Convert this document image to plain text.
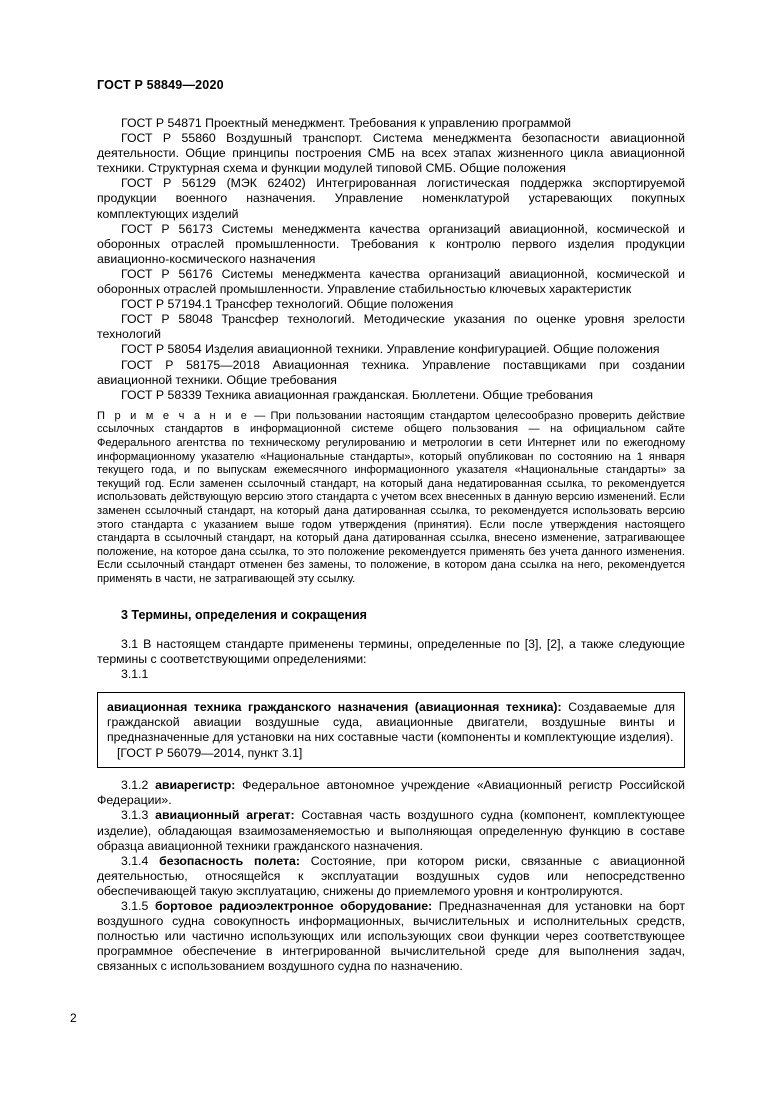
ГОСТ Р 58849—2020

ГОСТ Р 54871 Проектный менеджмент. Требования к управлению программой

ГОСТ Р 55860 Воздушный транспорт. Система менеджмента безопасности авиационной деятельности. Общие принципы построения СМБ на всех этапах жизненного цикла авиационной техники. Структурная схема и функции модулей типовой СМБ. Общие положения

ГОСТ Р 56129 (МЭК 62402) Интегрированная логистическая поддержка экспортируемой продукции военного назначения. Управление номенклатурой устаревающих покупных комплектующих изделий

ГОСТ Р 56173 Системы менеджмента качества организаций авиационной, космической и оборонных отраслей промышленности. Требования к контролю первого изделия продукции авиационно-космического назначения

ГОСТ Р 56176 Системы менеджмента качества организаций авиационной, космической и оборонных отраслей промышленности. Управление стабильностью ключевых характеристик

ГОСТ Р 57194.1 Трансфер технологий. Общие положения

ГОСТ Р 58048 Трансфер технологий. Методические указания по оценке уровня зрелости технологий

ГОСТ Р 58054 Изделия авиационной техники. Управление конфигурацией. Общие положения

ГОСТ Р 58175—2018 Авиационная техника. Управление поставщиками при создании авиационной техники. Общие требования

ГОСТ Р 58339 Техника авиационная гражданская. Бюллетени. Общие требования

П р и м е ч а н и е — При пользовании настоящим стандартом целесообразно проверить действие ссылочных стандартов в информационной системе общего пользования — на официальном сайте Федерального агентства по техническому регулированию и метрологии в сети Интернет или по ежегодному информационному указателю «Национальные стандарты», который опубликован по состоянию на 1 января текущего года, и по выпускам ежемесячного информационного указателя «Национальные стандарты» за текущий год. Если заменен ссылочный стандарт, на который дана недатированная ссылка, то рекомендуется использовать действующую версию этого стандарта с учетом всех внесенных в данную версию изменений. Если заменен ссылочный стандарт, на который дана датированная ссылка, то рекомендуется использовать версию этого стандарта с указанием выше годом утверждения (принятия). Если после утверждения настоящего стандарта в ссылочный стандарт, на который дана датированная ссылка, внесено изменение, затрагивающее положение, на которое дана ссылка, то это положение рекомендуется применять без учета данного изменения. Если ссылочный стандарт отменен без замены, то положение, в котором дана ссылка на него, рекомендуется применять в части, не затрагивающей эту ссылку.

3 Термины, определения и сокращения

3.1 В настоящем стандарте применены термины, определенные по [3], [2], а также следующие термины с соответствующими определениями:

3.1.1

авиационная техника гражданского назначения (авиационная техника): Создаваемые для гражданской авиации воздушные суда, авиационные двигатели, воздушные винты и предназначенные для установки на них составные части (компоненты и комплектующие изделия).

[ГОСТ Р 56079—2014, пункт 3.1]

3.1.2 авиарегистр: Федеральное автономное учреждение «Авиационный регистр Российской Федерации».

3.1.3 авиационный агрегат: Составная часть воздушного судна (компонент, комплектующее изделие), обладающая взаимозаменяемостью и выполняющая определенную функцию в составе образца авиационной техники гражданского назначения.

3.1.4 безопасность полета: Состояние, при котором риски, связанные с авиационной деятельностью, относящейся к эксплуатации воздушных судов или непосредственно обеспечивающей такую эксплуатацию, снижены до приемлемого уровня и контролируются.

3.1.5 бортовое радиоэлектронное оборудование: Предназначенная для установки на борт воздушного судна совокупность информационных, вычислительных и исполнительных средств, полностью или частично использующих или использующих свои функции через соответствующее программное обеспечение в интегрированной вычислительной среде для выполнения задач, связанных с использованием воздушного судна по назначению.

2
